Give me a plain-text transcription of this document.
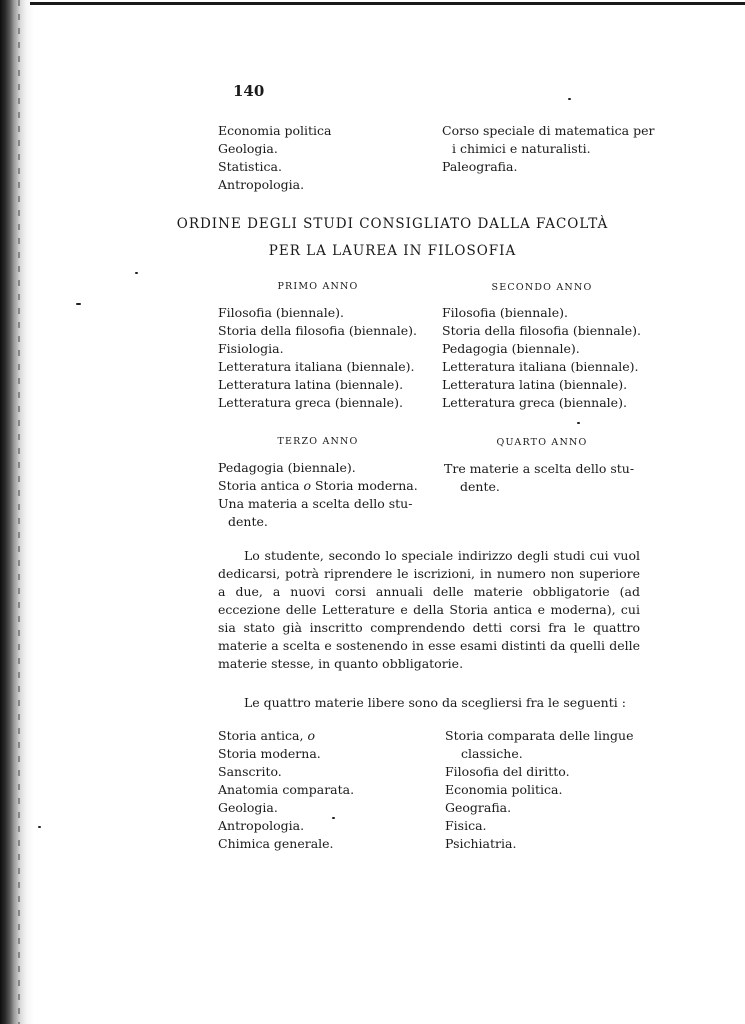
140
Economia politica
Geologia.
Statistica.
Antropologia.
Corso speciale di matematica per
i chimici e naturalisti.
Paleografia.
ORDINE DEGLI STUDI CONSIGLIATO DALLA FACOLTÀ
PER LA LAUREA IN FILOSOFIA
PRIMO ANNO	SECONDO ANNO
Filosofia (biennale).
Storia della filosofia (biennale).
Fisiologia.
Letteratura italiana (biennale).
Letteratura latina (biennale).
Letteratura greca (biennale).
Filosofia (biennale).
Storia della filosofia (biennale).
Pedagogia (biennale).
Letteratura italiana (biennale).
Letteratura latina (biennale).
Letteratura greca (biennale).
TERZO ANNO	QUARTO ANNO
Pedagogia (biennale).
Storia antica o Storia moderna.
Una materia a scelta dello stu-
dente.
Tre materie a scelta dello stu-
dente.

Lo studente, secondo lo speciale indirizzo degli studi cui vuol dedicarsi, potrà riprendere le iscrizioni, in numero non superiore a due, a nuovi corsi annuali delle materie obbligatorie (ad eccezione delle Letterature e della Storia antica e moderna), cui sia stato già inscritto comprendendo detti corsi fra le quattro materie a scelta e sostenendo in esse esami distinti da quelli delle materie stesse, in quanto obbligatorie.

Le quattro materie libere sono da scegliersi fra le seguenti :

Storia antica, o
Storia moderna.
Sanscrito.
Anatomia comparata.
Geologia.
Antropologia.
Chimica generale.
Storia comparata delle lingue
classiche.
Filosofia del diritto.
Economia politica.
Geografia.
Fisica.
Psichiatria.
